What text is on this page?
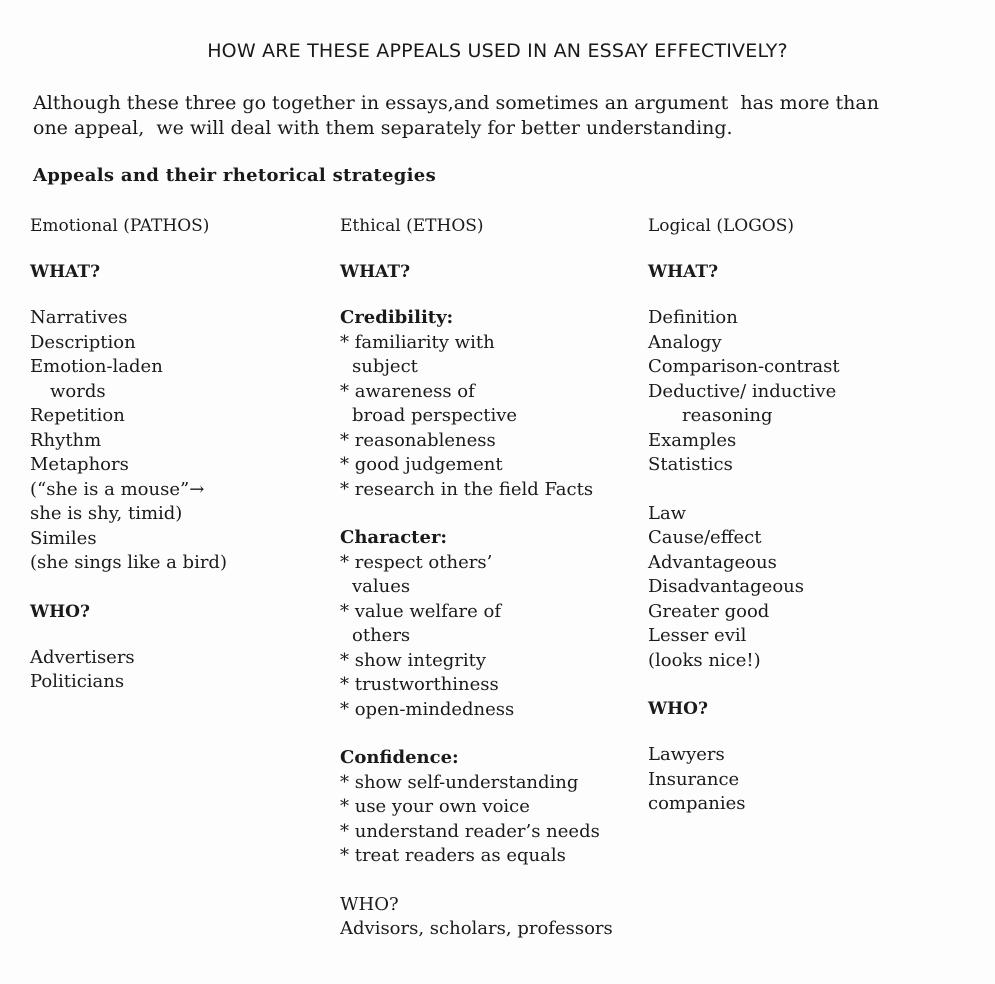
HOW ARE THESE APPEALS USED IN AN ESSAY EFFECTIVELY?
Although these three go together in essays,and sometimes an argument  has more than
one appeal,  we will deal with them separately for better understanding.
Appeals and their rhetorical strategies
Emotional (PATHOS)
WHAT?
Narratives
Description
Emotion-laden
words
Repetition
Rhythm
Metaphors
(“she is a mouse”→
she is shy, timid)
Similes
(she sings like a bird)
WHO?
Advertisers
Politicians
Ethical (ETHOS)
WHAT?
Credibility:
* familiarity with
subject
* awareness of
broad perspective
* reasonableness
* good judgement
* research in the field Facts
Character:
* respect others’
values
* value welfare of
others
* show integrity
* trustworthiness
* open-mindedness
Confidence:
* show self-understanding
* use your own voice
* understand reader’s needs
* treat readers as equals
WHO?
Advisors, scholars, professors
Logical (LOGOS)
WHAT?
Definition
Analogy
Comparison-contrast
Deductive/ inductive
reasoning
Examples
Statistics
Law
Cause/effect
Advantageous
Disadvantageous
Greater good
Lesser evil
(looks nice!)
WHO?
Lawyers
Insurance
companies
